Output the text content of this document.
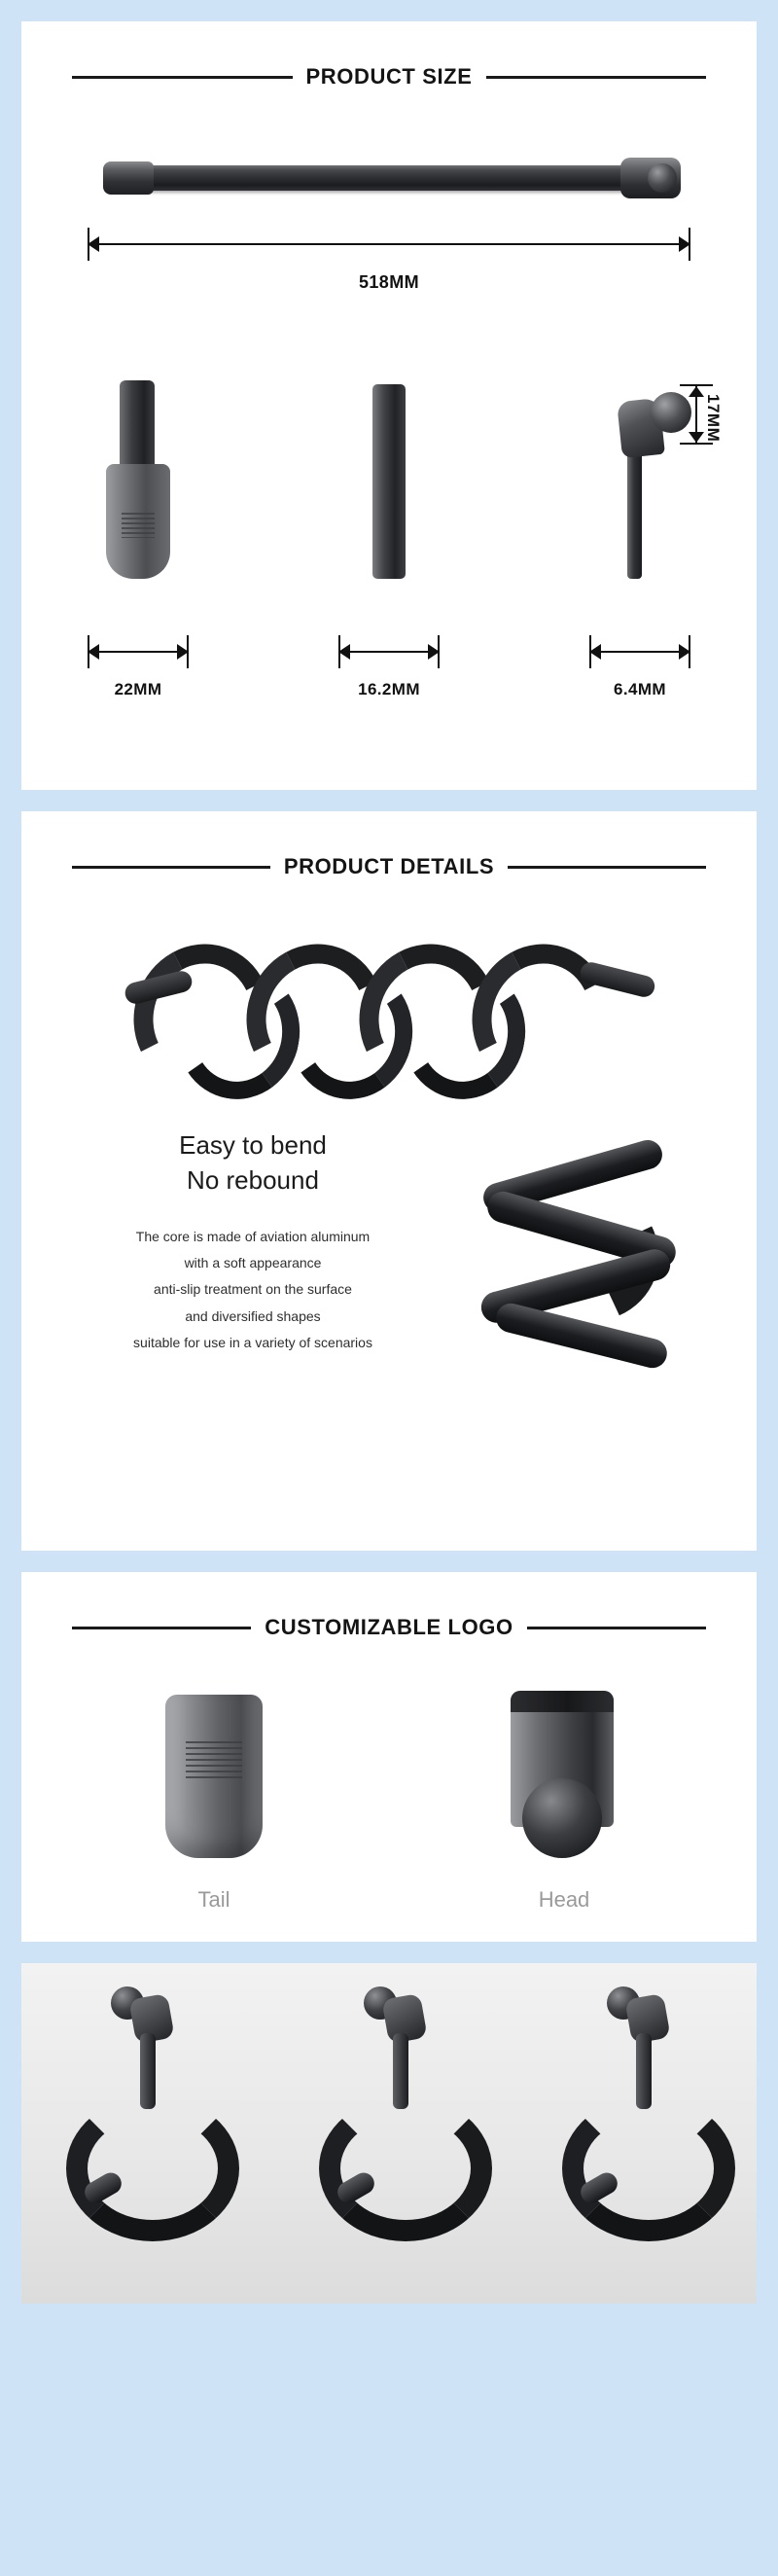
PRODUCT SIZE
518MM
22MM	16.2MM
17MM
6.4MM
PRODUCT DETAILS
Easy to bend
No rebound
The core is made of aviation aluminum
with a soft appearance
anti-slip treatment on the surface
and diversified shapes
suitable for use in a variety of scenarios
CUSTOMIZABLE LOGO
Tail	Head
